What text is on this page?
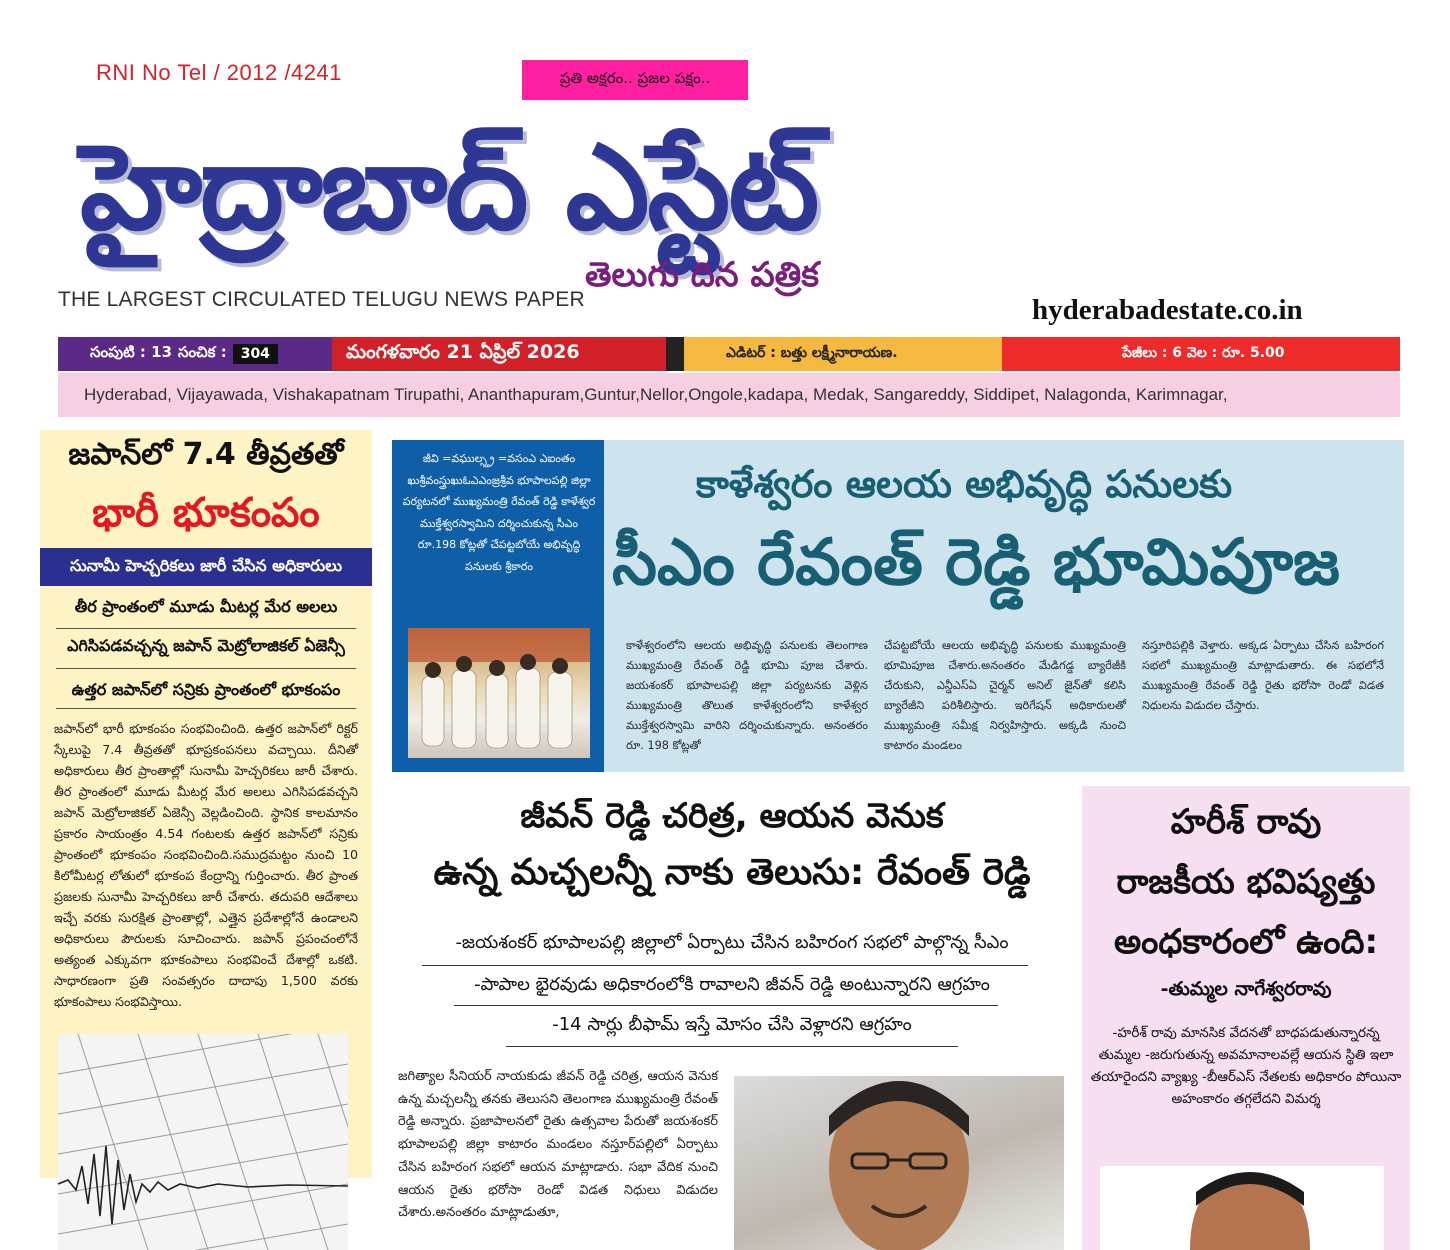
RNI No Tel / 2012 /4241	ప్రతి అక్షరం.. ప్రజల పక్షం..
హైద్రాబాద్ ఎస్టేట్
తెలుగు దిన పత్రిక
THE LARGEST CIRCULATED TELUGU NEWS PAPER	hyderabadestate.co.in
సంపుటి : 13 సంచిక :	304	మంగళవారం 21 ఏప్రిల్ 2026	ఎడిటర్ : బత్తు లక్ష్మీనారాయణ.	పేజీలు : 6 వెల : రూ. 5.00
Hyderabad, Vijayawada, Vishakapatnam Tirupathi, Ananthapuram,Guntur,Nellor,Ongole,kadapa, Medak, Sangareddy, Siddipet, Nalagonda, Karimnagar,
జపాన్‌లో 7.4 తీవ్రతతో
భారీ భూకంపం
సునామీ హెచ్చరికలు జారీ చేసిన అధికారులు
తీర ప్రాంతంలో మూడు మీటర్ల మేర అలలు
ఎగిసిపడవచ్చన్న జపాన్ మెట్రోలాజికల్ ఏజెన్సీ
ఉత్తర జపాన్‌లో సన్రికు ప్రాంతంలో భూకంపం
జపాన్‌లో భారీ భూకంపం సంభవించింది. ఉత్తర జపాన్‌లో రిక్టర్ స్కేలుపై 7.4 తీవ్రతతో భూప్రకంపనలు వచ్చాయి. దీనితో అధికారులు తీర ప్రాంతాల్లో సునామీ హెచ్చరికలు జారీ చేశారు. తీర ప్రాంతంలో మూడు మీటర్ల మేర అలలు ఎగిసిపడవచ్చని జపాన్ మెట్రోలాజికల్ ఏజెన్సీ వెల్లడించింది. స్థానిక కాలమానం ప్రకారం సాయంత్రం 4.54 గంటలకు ఉత్తర జపాన్‌లో సన్రికు ప్రాంతంలో భూకంపం సంభవించింది.సముద్రమట్టం నుంచి 10 కిలోమీటర్ల లోతులో భూకంప కేంద్రాన్ని గుర్తించారు. తీర ప్రాంత ప్రజలకు సునామీ హెచ్చరికలు జారీ చేశారు. తదుపరి ఆదేశాలు ఇచ్చే వరకు సురక్షిత ప్రాంతాల్లో, ఎత్తైన ప్రదేశాల్లోనే ఉండాలని అధికారులు పౌరులకు సూచించారు. జపాన్ ప్రపంచంలోనే అత్యంత ఎక్కువగా భూకంపాలు సంభవించే దేశాల్లో ఒకటి. సాధారణంగా ప్రతి సంవత్సరం దాదాపు 1,500 వరకు భూకంపాలు సంభవిస్తాయి.
జీవి =వఘుల్స్త్ర =వసంఎ ఎఐంతం ఖుశ్రీవంస్త్రుఖుఓఎఎంజ్రశ్రీవ భూపాలపల్లి జిల్లా పర్యటనలో ముఖ్యమంత్రి రేవంత్ రెడ్డి కాళేశ్వర ముక్తేశ్వరస్వామిని దర్శించుకున్న సీఎం రూ.198 కోట్లతో చేపట్టబోయే అభివృద్ధి పనులకు శ్రీకారం
కాళేశ్వరం ఆలయ అభివృద్ధి పనులకు
సీఎం రేవంత్ రెడ్డి భూమిపూజ
కాళేశ్వరంలోని ఆలయ అభివృద్ధి పనులకు తెలంగాణ ముఖ్యమంత్రి రేవంత్ రెడ్డి భూమి పూజ చేశారు. జయశంకర్ భూపాలపల్లి జిల్లా పర్యటనకు వెళ్లిన ముఖ్యమంత్రి తొలుత కాళేశ్వరంలోని కాళేశ్వర ముక్తేశ్వరస్వామి వారిని దర్శించుకున్నారు. అనంతరం రూ. 198 కోట్లతో
చేపట్టబోయే ఆలయ అభివృద్ధి పనులకు ముఖ్యమంత్రి భూమిపూజ చేశారు.అనంతరం మేడిగడ్డ బ్యారేజీకి చేరుకుని, ఎన్డీఎస్ఏ చైర్మన్ అనిల్ జైన్‌తో కలిసి బ్యారేజీని పరిశీలిస్తారు. ఇరిగేషన్ అధికారులతో ముఖ్యమంత్రి సమీక్ష నిర్వహిస్తారు. అక్కడి నుంచి కాటారం మండలం
నస్తూరిపల్లికి వెళ్తారు. అక్కడ ఏర్పాటు చేసిన బహిరంగ సభలో ముఖ్యమంత్రి మాట్లాడుతారు. ఈ సభలోనే ముఖ్యమంత్రి రేవంత్ రెడ్డి రైతు భరోసా రెండో విడత నిధులను విడుదల చేస్తారు.
జీవన్ రెడ్డి చరిత్ర, ఆయన వెనుక
ఉన్న మచ్చలన్నీ నాకు తెలుసు: రేవంత్ రెడ్డి
-జయశంకర్ భూపాలపల్లి జిల్లాలో ఏర్పాటు చేసిన బహిరంగ సభలో పాల్గొన్న సీఎం
-పాపాల భైరవుడు అధికారంలోకి రావాలని జీవన్ రెడ్డి అంటున్నారని ఆగ్రహం
-14 సార్లు బీఫామ్ ఇస్తే మోసం చేసి వెళ్లారని ఆగ్రహం
జగిత్యాల సీనియర్ నాయకుడు జీవన్ రెడ్డి చరిత్ర, ఆయన వెనుక ఉన్న మచ్చలన్నీ తనకు తెలుసని తెలంగాణ ముఖ్యమంత్రి రేవంత్ రెడ్డి అన్నారు. ప్రజాపాలనలో రైతు ఉత్సవాల పేరుతో జయశంకర్ భూపాలపల్లి జిల్లా కాటారం మండలం నస్తూర్‌పల్లిలో ఏర్పాటు చేసిన బహిరంగ సభలో ఆయన మాట్లాడారు. సభా వేదిక నుంచి ఆయన రైతు భరోసా రెండో విడత నిధులు విడుదల చేశారు.అనంతరం మాట్లాడుతూ,
హరీశ్ రావు
రాజకీయ భవిష్యత్తు
అంధకారంలో ఉంది:
-తుమ్మల నాగేశ్వరరావు
-హరీశ్ రావు మానసిక వేదనతో బాధపడుతున్నారన్న తుమ్మల -జరుగుతున్న అవమానాలవల్లే ఆయన స్థితి ఇలా తయారైందని వ్యాఖ్య -బీఆర్ఎస్ నేతలకు అధికారం పోయినా అహంకారం తగ్గలేదని విమర్శ
